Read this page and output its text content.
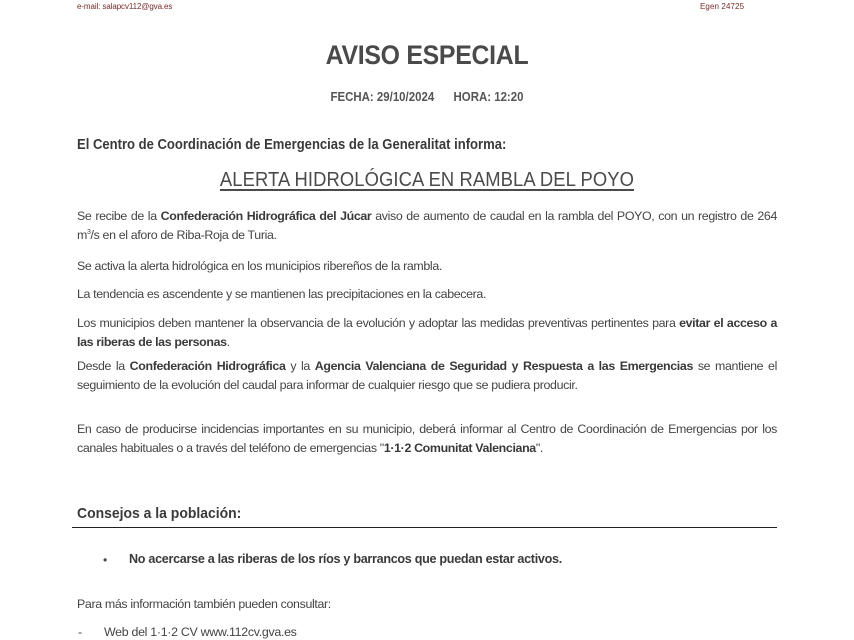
e-mail: salapcv112@gva.es	Egen 24725
AVISO ESPECIAL
FECHA: 29/10/2024 HORA: 12:20
El Centro de Coordinación de Emergencias de la Generalitat informa:
ALERTA HIDROLÓGICA EN RAMBLA DEL POYO
Se recibe de la Confederación Hidrográfica del Júcar aviso de aumento de caudal en la rambla del POYO, con un registro de 264 $m^3/s$ en el aforo de Riba-Roja de Turia.
Se activa la alerta hidrológica en los municipios ribereños de la rambla.
La tendencia es ascendente y se mantienen las precipitaciones en la cabecera.
Los municipios deben mantener la observancia de la evolución y adoptar las medidas preventivas pertinentes para evitar el acceso a las riberas de las personas.
Desde la Confederación Hidrográfica y la Agencia Valenciana de Seguridad y Respuesta a las Emergencias se mantiene el seguimiento de la evolución del caudal para informar de cualquier riesgo que se pudiera producir.
En caso de producirse incidencias importantes en su municipio, deberá informar al Centro de Coordinación de Emergencias por los canales habituales o a través del teléfono de emergencias "1·1·2 Comunitat Valenciana".
Consejos a la población:
• No acercarse a las riberas de los ríos y barrancos que puedan estar activos.
Para más información también pueden consultar:
- Web del 1·1·2 CV www.112cv.gva.es
